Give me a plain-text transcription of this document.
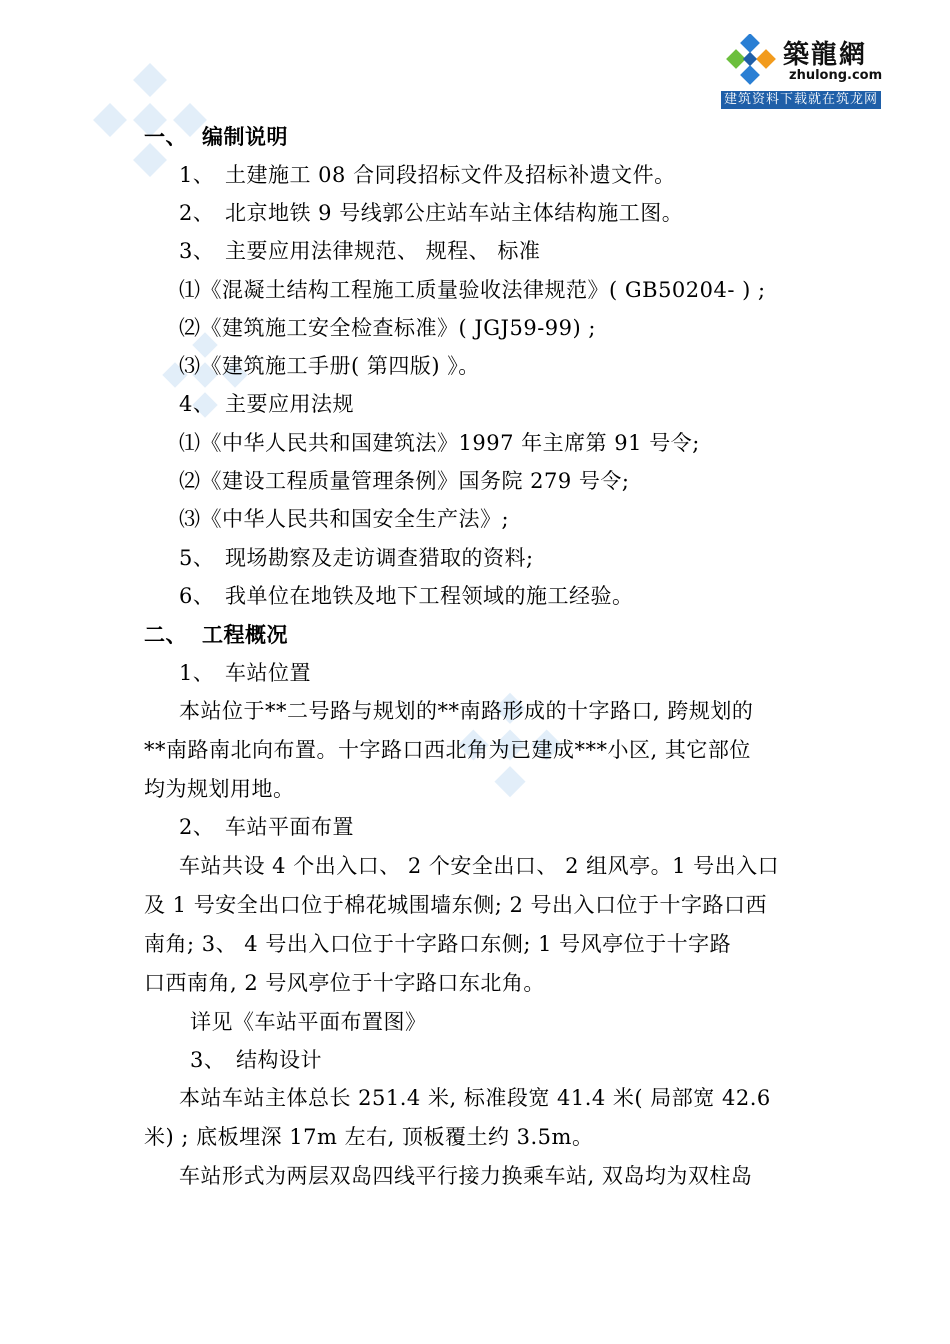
築龍網
zhulong.com
建筑资料下载就在筑龙网
一、 编制说明
1、 土建施工 08 合同段招标文件及招标补遗文件。
2、 北京地铁 9 号线郭公庄站车站主体结构施工图。
3、 主要应用法律规范、 规程、 标准
⑴《混凝土结构工程施工质量验收法律规范》( GB50204- ) ;
⑵《建筑施工安全检查标准》( JGJ59-99) ;
⑶《建筑施工手册( 第四版) 》。
4、 主要应用法规
⑴《中华人民共和国建筑法》1997 年主席第 91 号令;
⑵《建设工程质量管理条例》国务院 279 号令;
⑶《中华人民共和国安全生产法》;
5、 现场勘察及走访调查猎取的资料;
6、 我单位在地铁及地下工程领域的施工经验。
二、 工程概况
1、 车站位置
本站位于**二号路与规划的**南路形成的十字路口, 跨规划的
**南路南北向布置。十字路口西北角为已建成***小区, 其它部位
均为规划用地。
2、 车站平面布置
车站共设 4 个出入口、 2 个安全出口、 2 组风亭。1 号出入口
及 1 号安全出口位于棉花城围墙东侧; 2 号出入口位于十字路口西
南角; 3、 4 号出入口位于十字路口东侧; 1 号风亭位于十字路
口西南角, 2 号风亭位于十字路口东北角。
详见《车站平面布置图》
3、 结构设计
本站车站主体总长 251.4 米, 标准段宽 41.4 米( 局部宽 42.6
米) ; 底板埋深 17m 左右, 顶板覆土约 3.5m。
车站形式为两层双岛四线平行接力换乘车站, 双岛均为双柱岛
